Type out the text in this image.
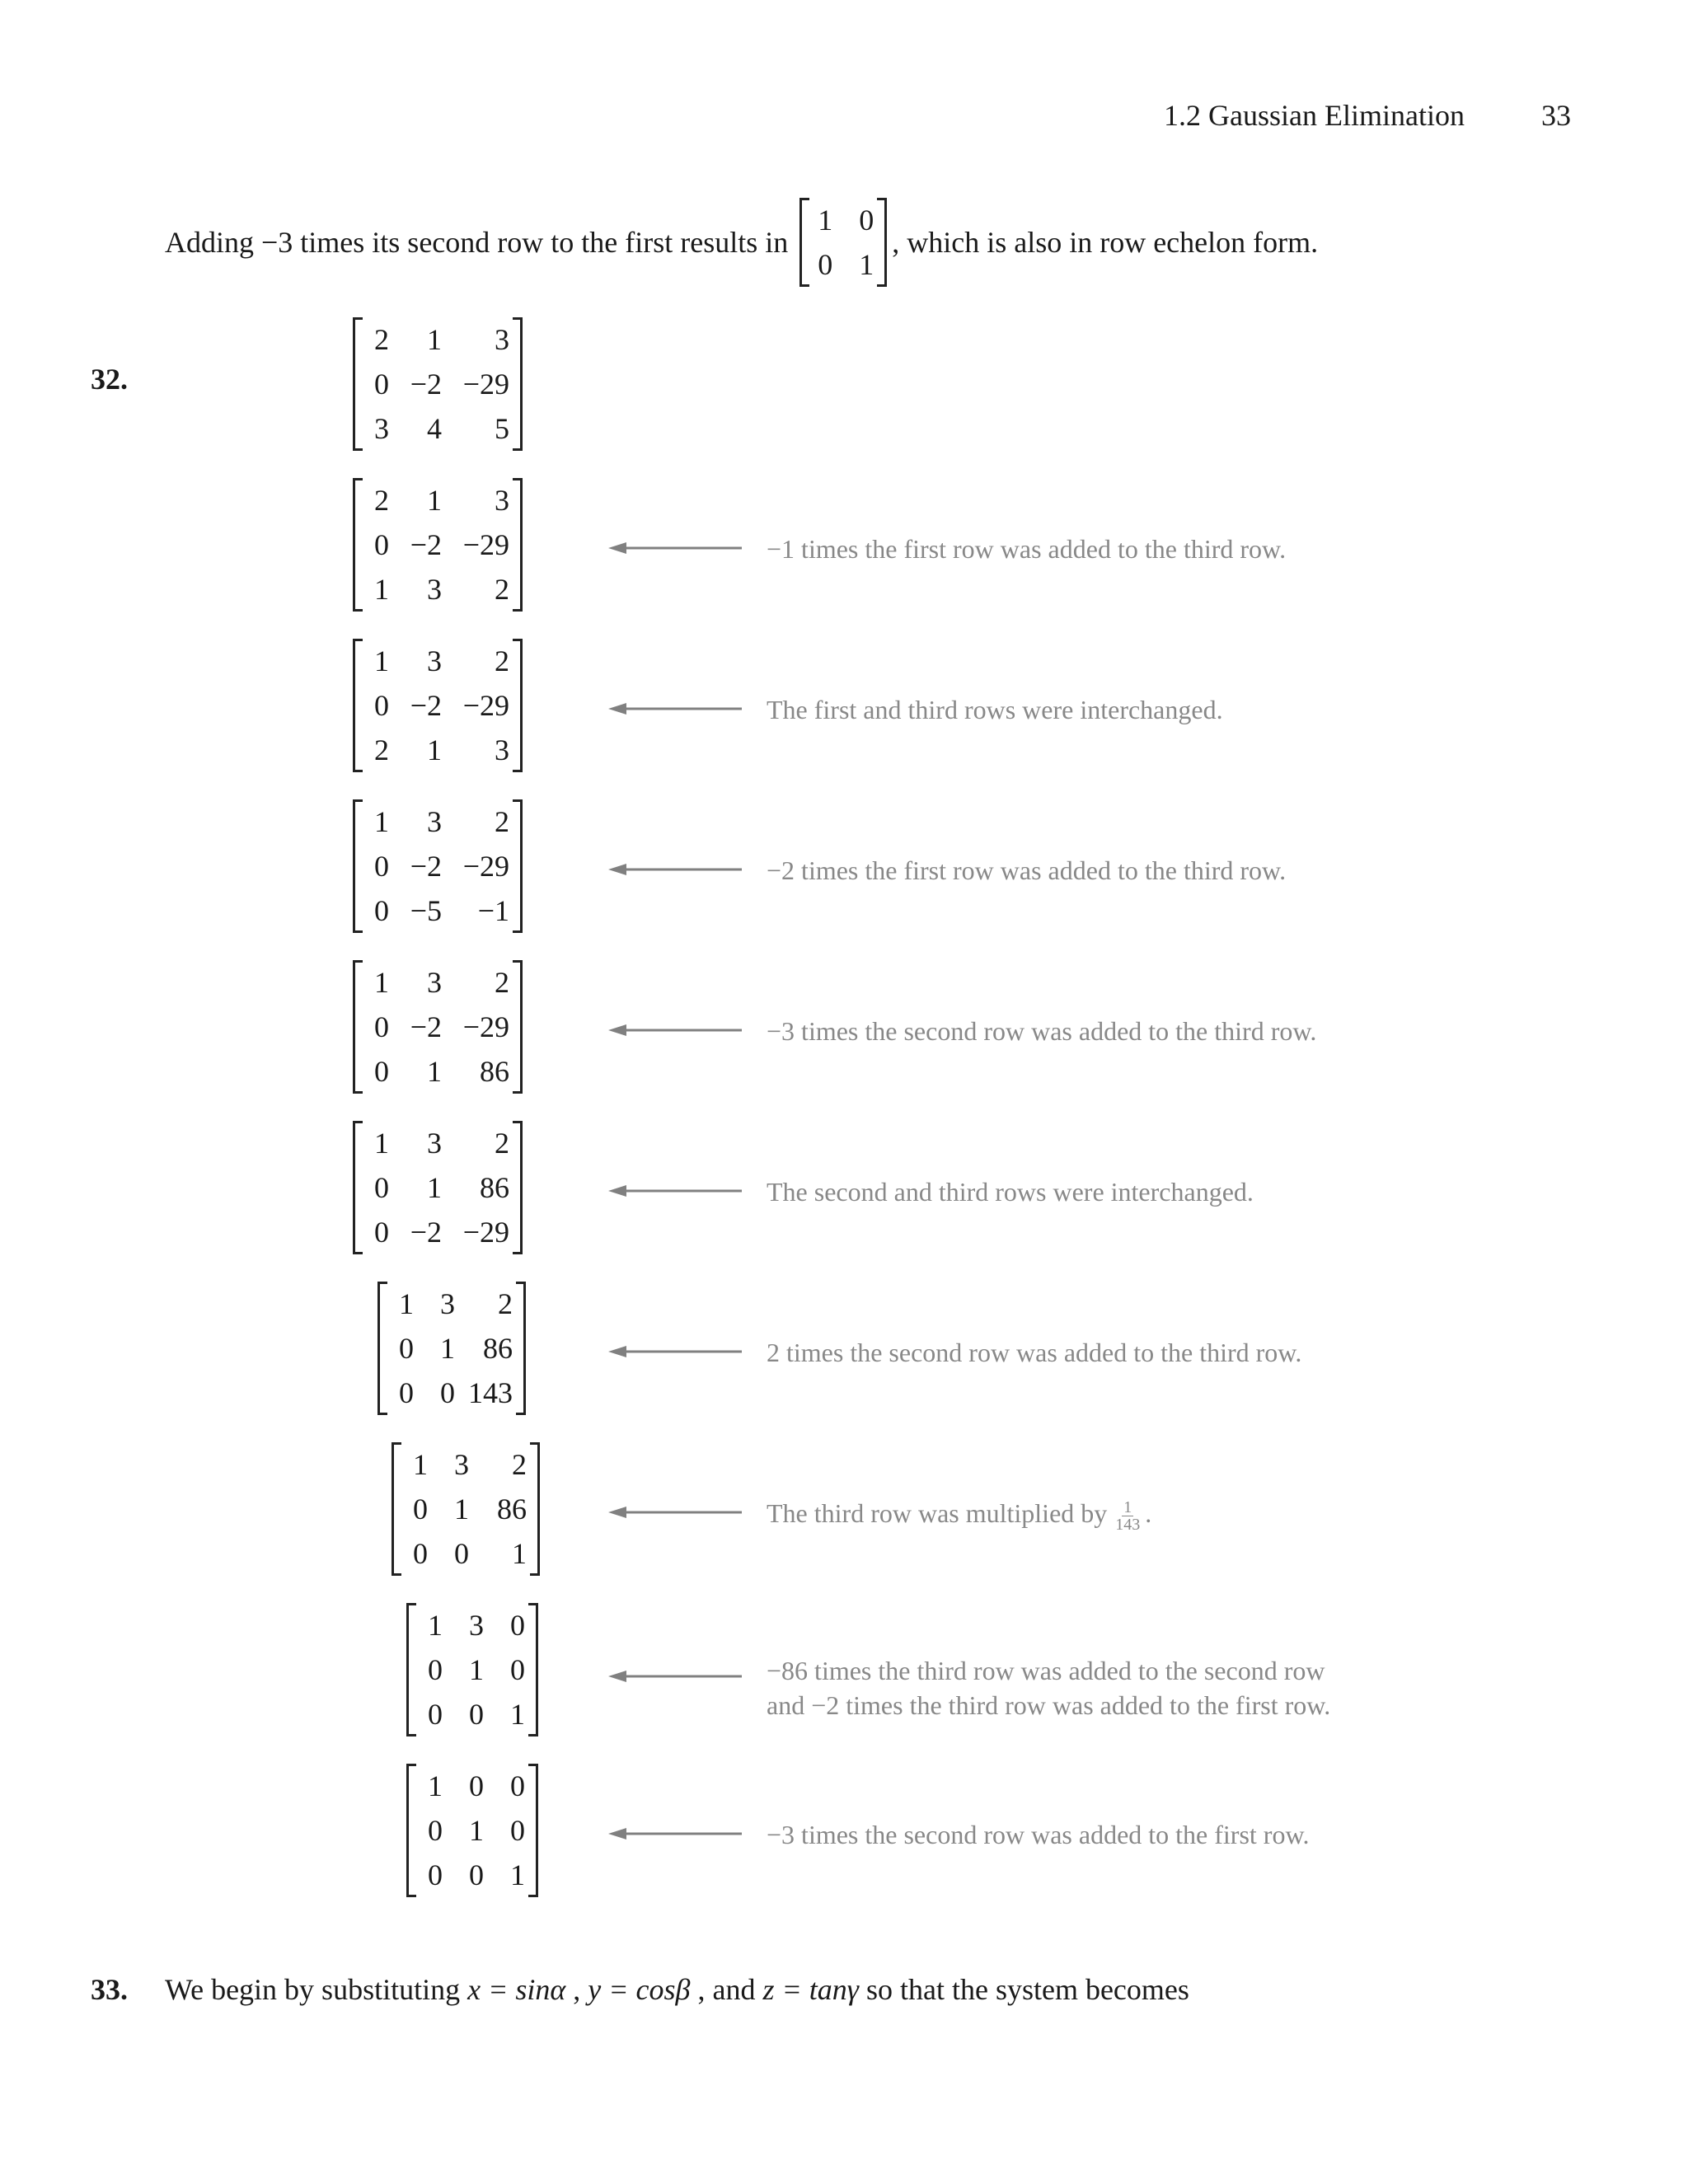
1.2 Gaussian Elimination	33
Adding −3 times its second row to the first results in
1 0
0 1
, which is also in row echelon form.
32.
2	1	3
0 −2 −29
3	4	5
2	1	3
0 −2 −29
1	3	2
−1 times the first row was added to the third row.
1	3	2
0 −2 −29
2	1	3
The first and third rows were interchanged.
1	3	2
0 −2 −29
0 −5	−1
−2 times the first row was added to the third row.
1	3	2
0 −2 −29
0	1	86
−3 times the second row was added to the third row.
1	3	2
0	1	86
0 −2 −29
The second and third rows were interchanged.
1 3	2
0 1 86
0 0 143
2 times the second row was added to the third row.
1 3	2
0 1 86
0 0	1
The third row was multiplied by $\frac{1}{143}$ .
1 3 0
0 1 0
0 0 1
−86 times the third row was added to the second row
and −2 times the third row was added to the first row.
1 0 0
0 1 0
0 0 1
−3 times the second row was added to the first row.
33. We begin by substituting x = sinα , y = cosβ , and z = tanγ so that the system becomes
